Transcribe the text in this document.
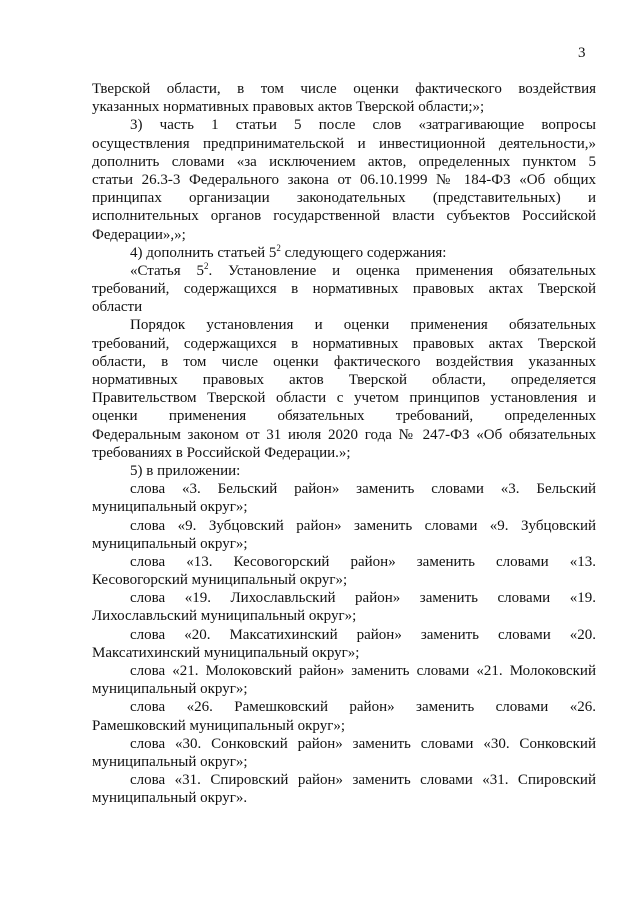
3
Тверской области, в том числе оценки фактического воздействия
указанных нормативных правовых актов Тверской области;»;
3) часть 1 статьи 5 после слов «затрагивающие вопросы
осуществления предпринимательской и инвестиционной деятельности,»
дополнить словами «за исключением актов, определенных пунктом 5
статьи 26.3-3 Федерального закона от 06.10.1999 № 184-ФЗ «Об общих
принципах организации законодательных (представительных) и
исполнительных органов государственной власти субъектов Российской
Федерации»,»;
4) дополнить статьей $5^2$ следующего содержания:
«Статья $5^2$. Установление и оценка применения обязательных
требований, содержащихся в нормативных правовых актах Тверской
области
Порядок установления и оценки применения обязательных
требований, содержащихся в нормативных правовых актах Тверской
области, в том числе оценки фактического воздействия указанных
нормативных правовых актов Тверской области, определяется
Правительством Тверской области с учетом принципов установления и
оценки применения обязательных требований, определенных
Федеральным законом от 31 июля 2020 года № 247-ФЗ «Об обязательных
требованиях в Российской Федерации.»;
5) в приложении:
слова «3. Бельский район» заменить словами «3. Бельский
муниципальный округ»;
слова «9. Зубцовский район» заменить словами «9. Зубцовский
муниципальный округ»;
слова «13. Кесовогорский район» заменить словами «13.
Кесовогорский муниципальный округ»;
слова «19. Лихославльский район» заменить словами «19.
Лихославльский муниципальный округ»;
слова «20. Максатихинский район» заменить словами «20.
Максатихинский муниципальный округ»;
слова «21. Молоковский район» заменить словами «21. Молоковский
муниципальный округ»;
слова «26. Рамешковский район» заменить словами «26.
Рамешковский муниципальный округ»;
слова «30. Сонковский район» заменить словами «30. Сонковский
муниципальный округ»;
слова «31. Спировский район» заменить словами «31. Спировский
муниципальный округ».
